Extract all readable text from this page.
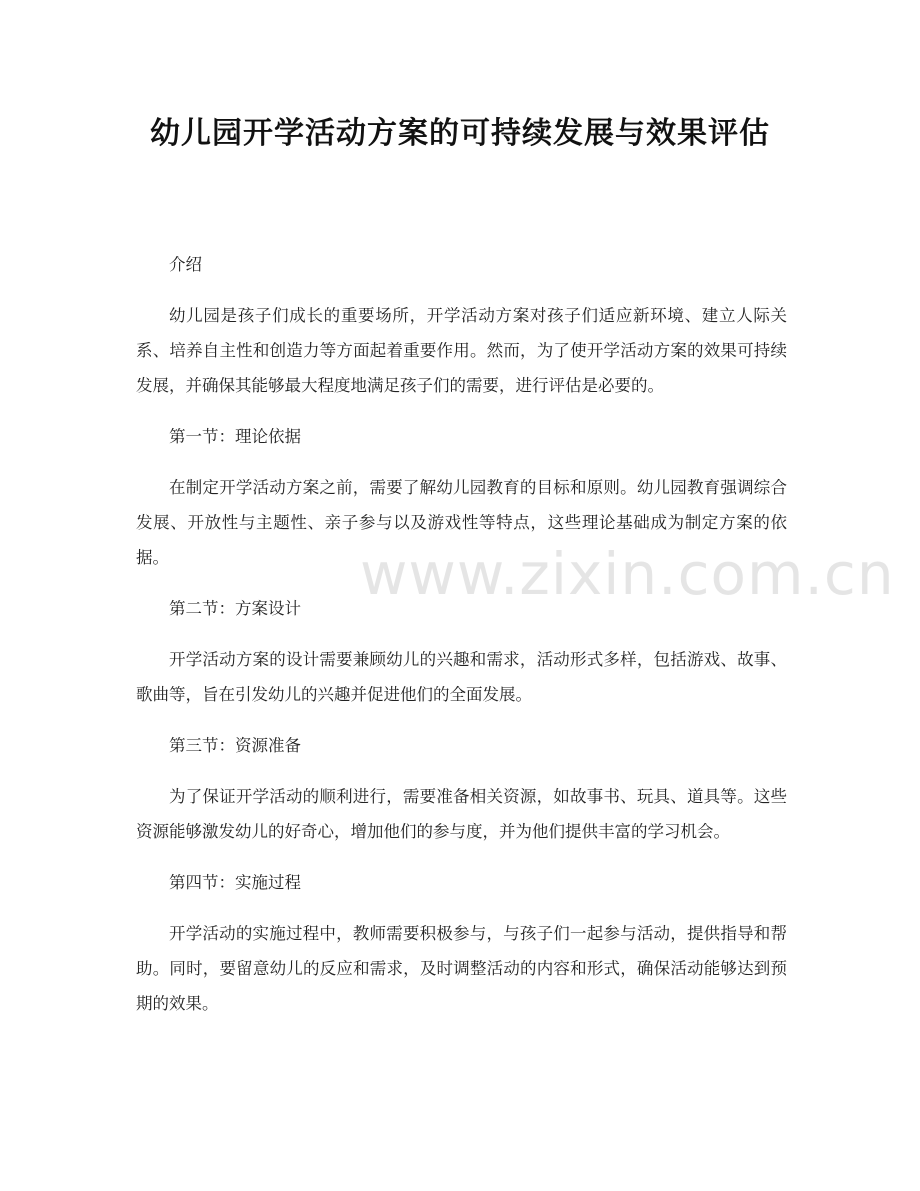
幼儿园开学活动方案的可持续发展与效果评估
www.zixin.com.cn

介绍

幼儿园是孩子们成长的重要场所，开学活动方案对孩子们适应新环境、建立人际关系、培养自主性和创造力等方面起着重要作用。然而，为了使开学活动方案的效果可持续发展，并确保其能够最大程度地满足孩子们的需要，进行评估是必要的。

第一节：理论依据

在制定开学活动方案之前，需要了解幼儿园教育的目标和原则。幼儿园教育强调综合发展、开放性与主题性、亲子参与以及游戏性等特点，这些理论基础成为制定方案的依据。

第二节：方案设计

开学活动方案的设计需要兼顾幼儿的兴趣和需求，活动形式多样，包括游戏、故事、歌曲等，旨在引发幼儿的兴趣并促进他们的全面发展。

第三节：资源准备

为了保证开学活动的顺利进行，需要准备相关资源，如故事书、玩具、道具等。这些资源能够激发幼儿的好奇心，增加他们的参与度，并为他们提供丰富的学习机会。

第四节：实施过程

开学活动的实施过程中，教师需要积极参与，与孩子们一起参与活动，提供指导和帮助。同时，要留意幼儿的反应和需求，及时调整活动的内容和形式，确保活动能够达到预期的效果。
